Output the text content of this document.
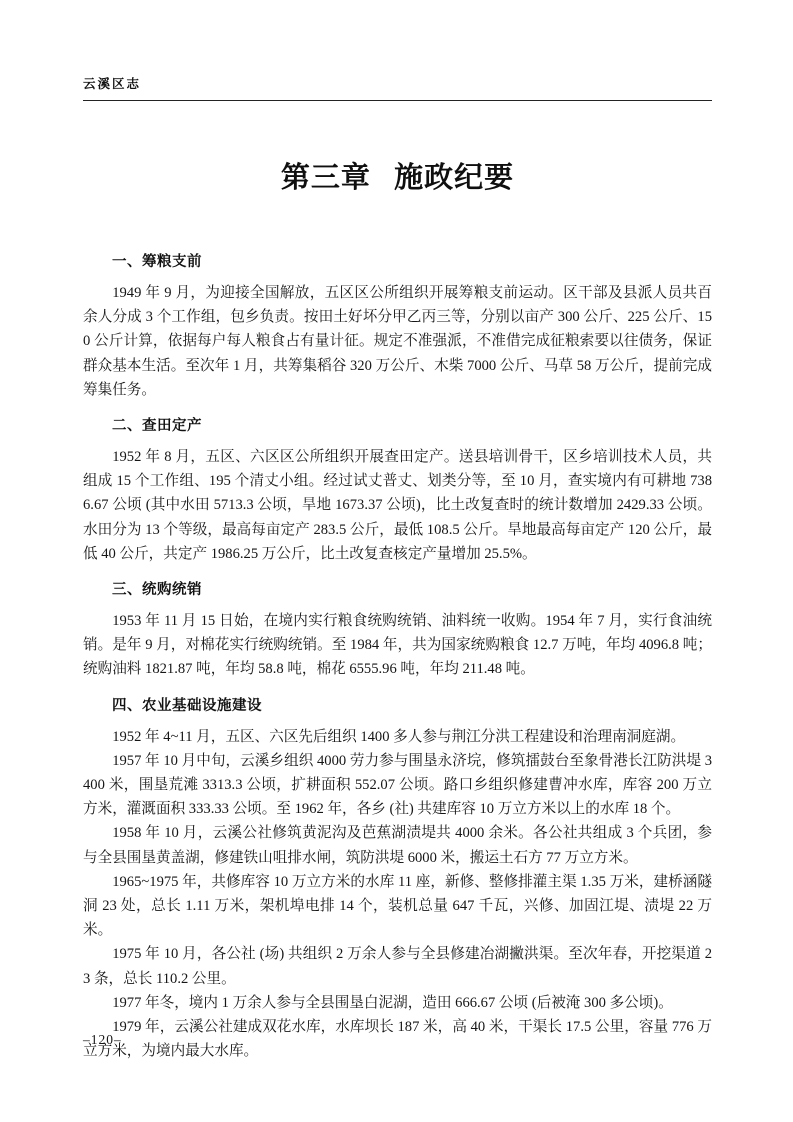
云溪区志
第三章 施政纪要
一、筹粮支前

1949 年 9 月，为迎接全国解放，五区区公所组织开展筹粮支前运动。区干部及县派人员共百余人分成 3 个工作组，包乡负责。按田土好坏分甲乙丙三等，分别以亩产 300 公斤、225 公斤、150 公斤计算，依据每户每人粮食占有量计征。规定不准强派，不准借完成征粮索要以往债务，保证群众基本生活。至次年 1 月，共筹集稻谷 320 万公斤、木柴 7000 公斤、马草 58 万公斤，提前完成筹集任务。

二、查田定产

1952 年 8 月，五区、六区区公所组织开展查田定产。送县培训骨干，区乡培训技术人员，共组成 15 个工作组、195 个清丈小组。经过试丈普丈、划类分等，至 10 月，查实境内有可耕地 7386.67 公顷 (其中水田 5713.3 公顷，旱地 1673.37 公顷)，比土改复查时的统计数增加 2429.33 公顷。水田分为 13 个等级，最高每亩定产 283.5 公斤，最低 108.5 公斤。旱地最高每亩定产 120 公斤，最低 40 公斤，共定产 1986.25 万公斤，比土改复查核定产量增加 25.5%。

三、统购统销

1953 年 11 月 15 日始，在境内实行粮食统购统销、油料统一收购。1954 年 7 月，实行食油统销。是年 9 月，对棉花实行统购统销。至 1984 年，共为国家统购粮食 12.7 万吨，年均 4096.8 吨；统购油料 1821.87 吨，年均 58.8 吨，棉花 6555.96 吨，年均 211.48 吨。

四、农业基础设施建设

1952 年 4~11 月，五区、六区先后组织 1400 多人参与荆江分洪工程建设和治理南洞庭湖。

1957 年 10 月中旬，云溪乡组织 4000 劳力参与围垦永济垸，修筑擂鼓台至象骨港长江防洪堤 3400 米，围垦荒滩 3313.3 公顷，扩耕面积 552.07 公顷。路口乡组织修建曹冲水库，库容 200 万立方米，灌溉面积 333.33 公顷。至 1962 年，各乡 (社) 共建库容 10 万立方米以上的水库 18 个。

1958 年 10 月，云溪公社修筑黄泥沟及芭蕉湖渍堤共 4000 余米。各公社共组成 3 个兵团，参与全县围垦黄盖湖，修建铁山咀排水闸，筑防洪堤 6000 米，搬运土石方 77 万立方米。

1965~1975 年，共修库容 10 万立方米的水库 11 座，新修、整修排灌主渠 1.35 万米，建桥涵隧洞 23 处，总长 1.11 万米，架机埠电排 14 个，装机总量 647 千瓦，兴修、加固江堤、渍堤 22 万米。

1975 年 10 月，各公社 (场) 共组织 2 万余人参与全县修建冶湖撇洪渠。至次年春，开挖渠道 23 条，总长 110.2 公里。

1977 年冬，境内 1 万余人参与全县围垦白泥湖，造田 666.67 公顷 (后被淹 300 多公顷)。

1979 年，云溪公社建成双花水库，水库坝长 187 米，高 40 米，干渠长 17.5 公里，容量 776 万立方米，为境内最大水库。

–120–
